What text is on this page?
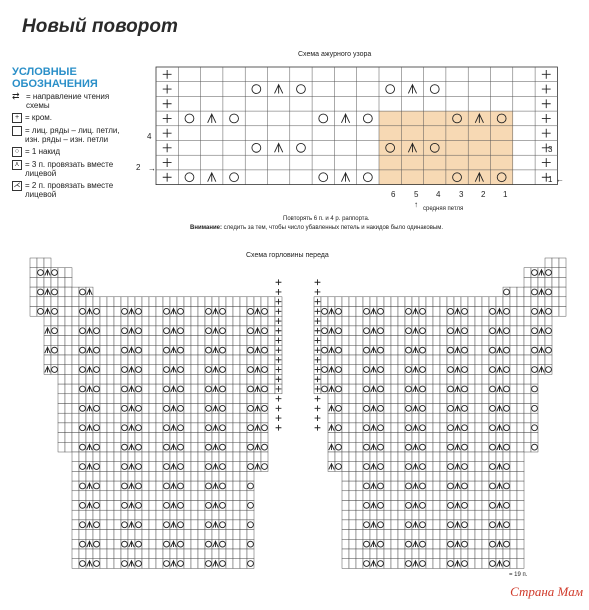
Новый поворот
УСЛОВНЫЕ
ОБОЗНАЧЕНИЯ
⇄ = направление чтения схемы
+ = кром.
= лиц. ряды – лиц. петли, изн. ряды – изн. петли
○ = 1 накид
⋏ = 3 п. провязать вместе лицевой
⋌ = 2 п. провязать вместе лицевой
Схема ажурного узора
4
2 →
3
1 ←
6 5 4 3 2 1
↑ средняя петля
Повторять 6 п. и 4 р. раппорта.
Внимание: следить за тем, чтобы число убавленных петель и накидов было одинаковым.
Схема горловины переда
= 19 п.
Страна Мам
